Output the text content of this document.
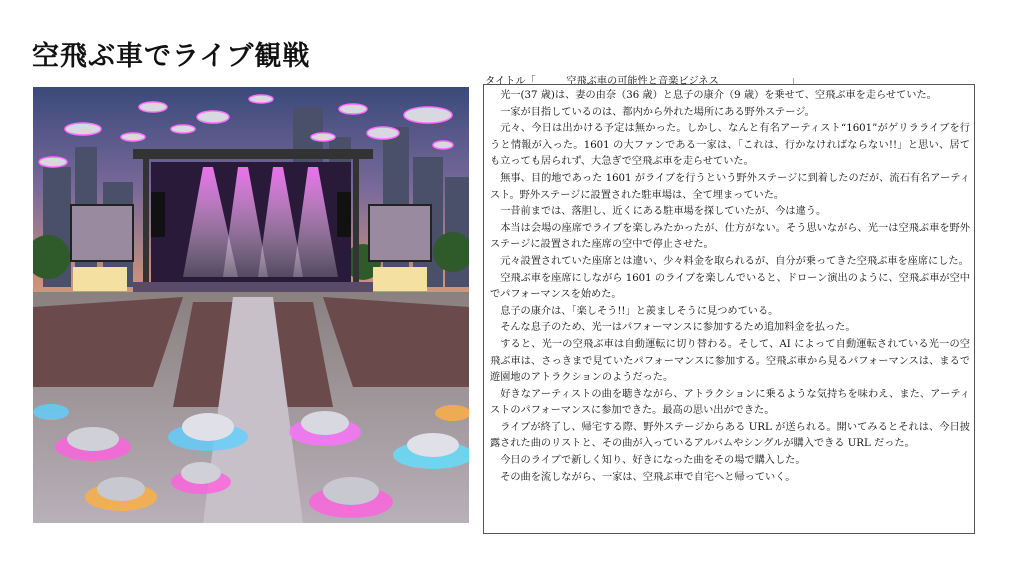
空飛ぶ車でライブ観戦
タイトル「　　　空飛ぶ車の可能性と音楽ビジネス　　　　　　　」

光一(37 歳)は、妻の由奈（36 歳）と息子の康介（9 歳）を乗せて、空飛ぶ車を走らせていた。

一家が目指しているのは、都内から外れた場所にある野外ステージ。

元々、今日は出かける予定は無かった。しかし、なんと有名アーティスト“1601”がゲリラライブを行うと情報が入った。1601 の大ファンである一家は、「これは、行かなければならない!!」と思い、居ても立っても居られず、大急ぎで空飛ぶ車を走らせていた。

無事、目的地であった 1601 がライブを行うという野外ステージに到着したのだが、流石有名アーティスト。野外ステージに設置された駐車場は、全て埋まっていた。

一昔前までは、落胆し、近くにある駐車場を探していたが、今は違う。

本当は会場の座席でライブを楽しみたかったが、仕方がない。そう思いながら、光一は空飛ぶ車を野外ステージに設置された座席の空中で停止させた。

元々設置されていた座席とは違い、少々料金を取られるが、自分が乗ってきた空飛ぶ車を座席にした。

空飛ぶ車を座席にしながら 1601 のライブを楽しんでいると、ドローン演出のように、空飛ぶ車が空中でパフォーマンスを始めた。

息子の康介は、「楽しそう!!」と羨ましそうに見つめている。

そんな息子のため、光一はパフォーマンスに参加するため追加料金を払った。

すると、光一の空飛ぶ車は自動運転に切り替わる。そして、AI によって自動運転されている光一の空飛ぶ車は、さっきまで見ていたパフォーマンスに参加する。空飛ぶ車から見るパフォーマンスは、まるで遊園地のアトラクションのようだった。

好きなアーティストの曲を聴きながら、アトラクションに乗るような気持ちを味わえ、また、アーティストのパフォーマンスに参加できた。最高の思い出ができた。

ライブが終了し、帰宅する際、野外ステージからある URL が送られる。開いてみるとそれは、今日披露された曲のリストと、その曲が入っているアルバムやシングルが購入できる URL だった。

今日のライブで新しく知り、好きになった曲をその場で購入した。

その曲を流しながら、一家は、空飛ぶ車で自宅へと帰っていく。
